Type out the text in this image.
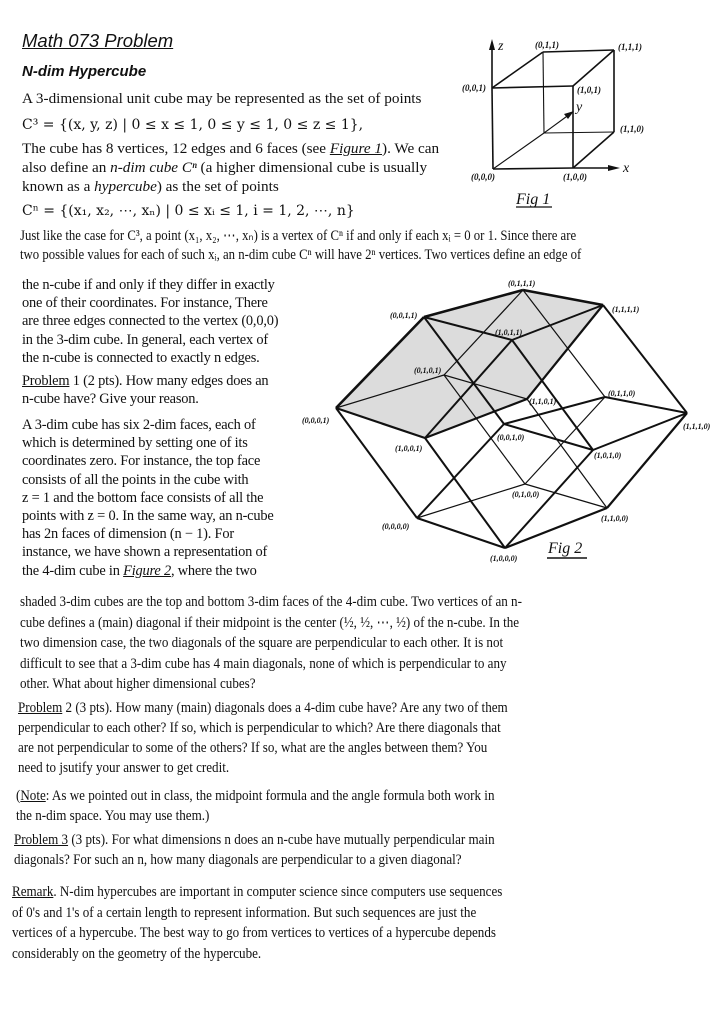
Math 073 Problem
N-dim Hypercube
A 3-dimensional unit cube may be represented as the set of points
C³ = {(x, y, z) | 0 ≤ x ≤ 1, 0 ≤ y ≤ 1, 0 ≤ z ≤ 1},
The cube has 8 vertices, 12 edges and 6 faces (see Figure 1). We can also define an n-dim cube Cⁿ (a higher dimensional cube is usually known as a hypercube) as the set of points
Cⁿ = {(x₁, x₂, ⋯, xₙ) | 0 ≤ xᵢ ≤ 1, i = 1, 2, ⋯, n}
Just like the case for C³, a point (x₁, x₂, ⋯, xₙ) is a vertex of Cⁿ if and only if each xᵢ = 0 or 1. Since there are
two possible values for each of such xᵢ, an n-dim cube Cⁿ will have 2ⁿ vertices. Two vertices define an edge of
the n-cube if and only if they differ in exactly
one of their coordinates. For instance, There
are three edges connected to the vertex (0,0,0)
in the 3-dim cube. In general, each vertex of
the n-cube is connected to exactly n edges.
Problem 1 (2 pts). How many edges does an
n-cube have? Give your reason.
A 3-dim cube has six 2-dim faces, each of
which is determined by setting one of its
coordinates zero. For instance, the top face
consists of all the points in the cube with
z = 1 and the bottom face consists of all the
points with z = 0. In the same way, an n-cube
has 2n faces of dimension (n − 1). For
instance, we have shown a representation of
the 4-dim cube in Figure 2, where the two
shaded 3-dim cubes are the top and bottom 3-dim faces of the 4-dim cube. Two vertices of an n-
cube defines a (main) diagonal if their midpoint is the center (½, ½, ⋯, ½) of the n-cube. In the
two dimension case, the two diagonals of the square are perpendicular to each other. It is not
difficult to see that a 3-dim cube has 4 main diagonals, none of which is perpendicular to any
other. What about higher dimensional cubes?
Problem 2 (3 pts). How many (main) diagonals does a 4-dim cube have? Are any two of them
perpendicular to each other? If so, which is perpendicular to which? Are there diagonals that
are not perpendicular to some of the others? If so, what are the angles between them? You
need to jsutify your answer to get credit.
(Note: As we pointed out in class, the midpoint formula and the angle formula both work in
the n-dim space. You may use them.)
Problem 3 (3 pts). For what dimensions n does an n-cube have mutually perpendicular main
diagonals? For such an n, how many diagonals are perpendicular to a given diagonal?
Remark. N-dim hypercubes are important in computer science since computers use sequences
of 0's and 1's of a certain length to represent information. But such sequences are just the
vertices of a hypercube. The best way to go from vertices to vertices of a hypercube depends
considerably on the geometry of the hypercube.
z
x
y
(0,1,1)	(1,1,1)
(0,0,1)	(1,0,1)
(1,1,0)
(0,0,0)	(1,0,0)
Fig 1
(0,1,1,1)
(0,0,1,1)
(1,1,1,1)
(1,0,1,1)
(0,1,0,1)
(1,1,0,1)
(0,0,0,1)
(0,1,1,0)
(1,1,1,0)
(1,0,0,1)
(0,0,1,0)
(1,0,1,0)
(0,1,0,0)
(0,0,0,0)
(1,1,0,0)
(1,0,0,0)
Fig 2
